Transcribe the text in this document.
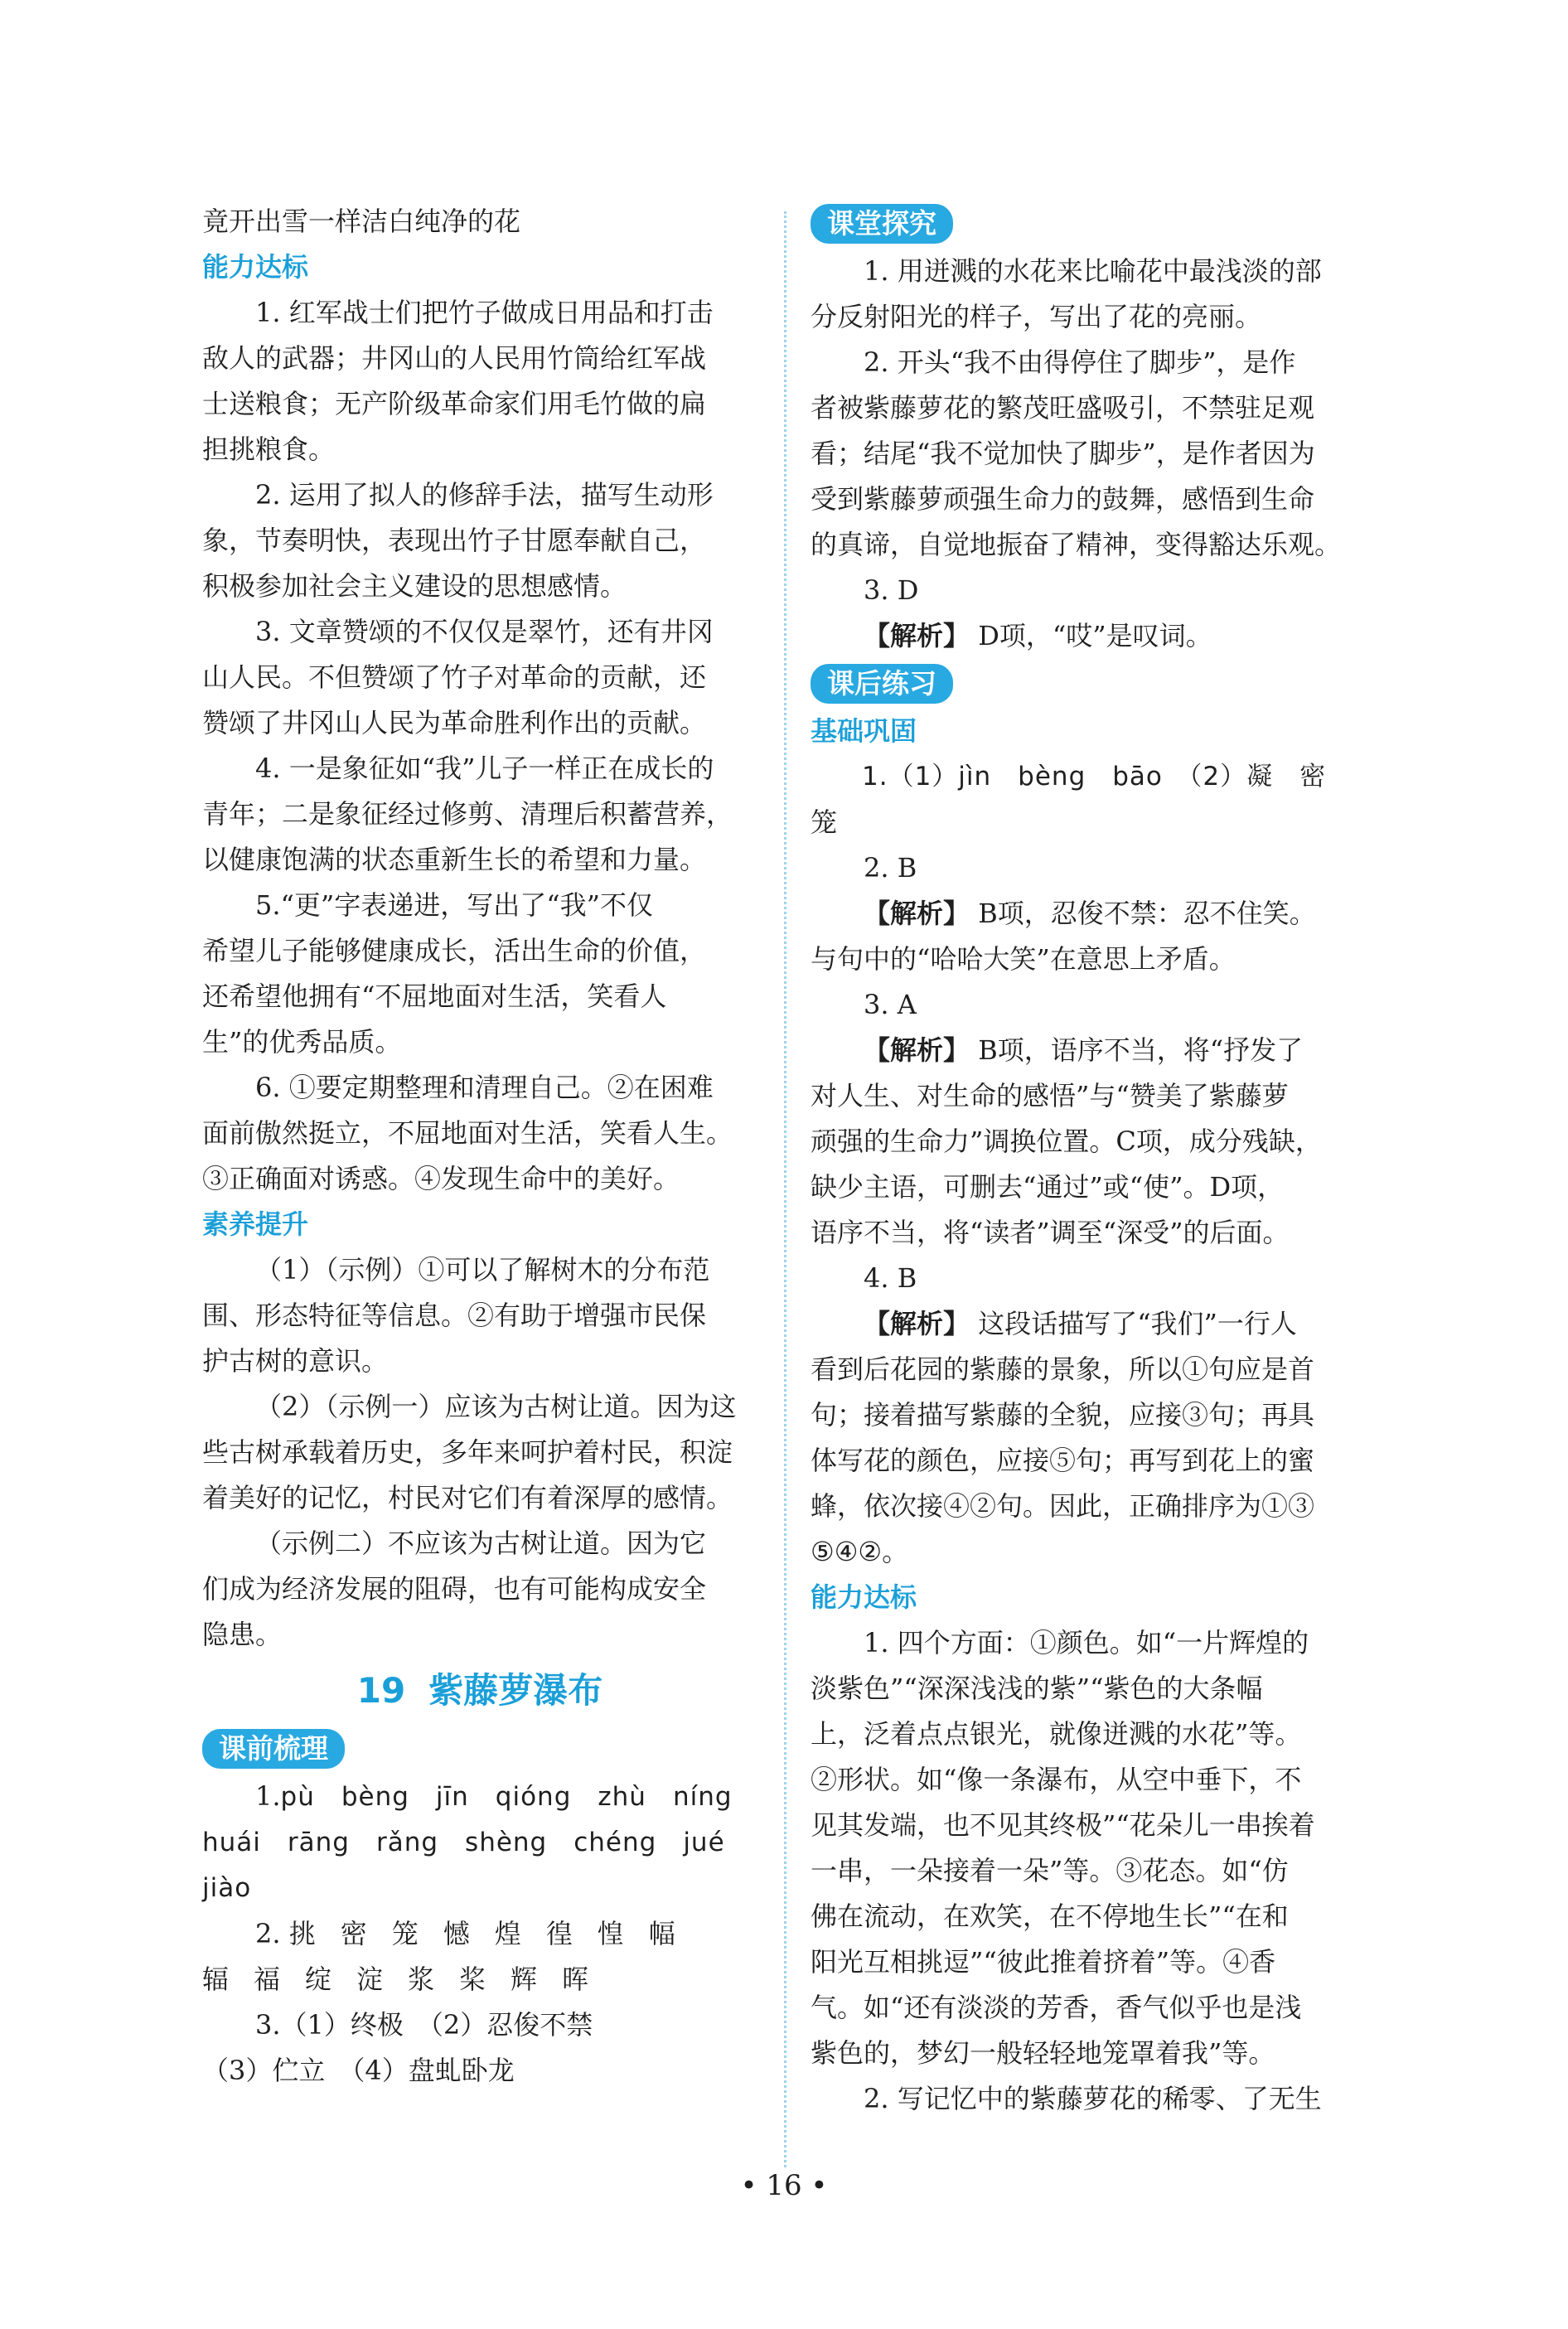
竟开出雪一样洁白纯净的花
能力达标
1. 红军战士们把竹子做成日用品和打击
敌人的武器；井冈山的人民用竹筒给红军战
士送粮食；无产阶级革命家们用毛竹做的扁
担挑粮食。
2. 运用了拟人的修辞手法，描写生动形
象，节奏明快，表现出竹子甘愿奉献自己，
积极参加社会主义建设的思想感情。
3. 文章赞颂的不仅仅是翠竹，还有井冈
山人民。不但赞颂了竹子对革命的贡献，还
赞颂了井冈山人民为革命胜利作出的贡献。
4. 一是象征如“我”儿子一样正在成长的
青年；二是象征经过修剪、清理后积蓄营养，
以健康饱满的状态重新生长的希望和力量。
5.“更”字表递进，写出了“我”不仅
希望儿子能够健康成长，活出生命的价值，
还希望他拥有“不屈地面对生活，笑看人
生”的优秀品质。
6. ①要定期整理和清理自己。②在困难
面前傲然挺立，不屈地面对生活，笑看人生。
③正确面对诱惑。④发现生命中的美好。
素养提升
（1）（示例）①可以了解树木的分布范
围、形态特征等信息。②有助于增强市民保
护古树的意识。
（2）（示例一）应该为古树让道。因为这
些古树承载着历史，多年来呵护着村民，积淀
着美好的记忆，村民对它们有着深厚的感情。
（示例二）不应该为古树让道。因为它
们成为经济发展的阻碍，也有可能构成安全
隐患。
19 紫藤萝瀑布
课前梳理
1.pù　bèng　jīn　qióng　zhù　níng
huái　rāng　rǎng　shèng　chéng　jué
jiào
2. 挑密笼憾煌徨惶幅
辐福绽淀浆桨辉晖
3.（1）终极　（2）忍俊不禁
（3）伫立　（4）盘虬卧龙
课堂探究
1. 用迸溅的水花来比喻花中最浅淡的部
分反射阳光的样子，写出了花的亮丽。
2. 开头“我不由得停住了脚步”，是作
者被紫藤萝花的繁茂旺盛吸引，不禁驻足观
看；结尾“我不觉加快了脚步”，是作者因为
受到紫藤萝顽强生命力的鼓舞，感悟到生命
的真谛，自觉地振奋了精神，变得豁达乐观。
3. D
【解析】 D项，“哎”是叹词。
课后练习
基础巩固
1.（1）jìn　bèng　bāo　（2）凝　密
笼
2. B
【解析】 B项，忍俊不禁：忍不住笑。
与句中的“哈哈大笑”在意思上矛盾。
3. A
【解析】 B项，语序不当，将“抒发了
对人生、对生命的感悟”与“赞美了紫藤萝
顽强的生命力”调换位置。C项，成分残缺，
缺少主语，可删去“通过”或“使”。D项，
语序不当，将“读者”调至“深受”的后面。
4. B
【解析】 这段话描写了“我们”一行人
看到后花园的紫藤的景象，所以①句应是首
句；接着描写紫藤的全貌，应接③句；再具
体写花的颜色，应接⑤句；再写到花上的蜜
蜂，依次接④②句。因此，正确排序为①③
⑤④②。
能力达标
1. 四个方面：①颜色。如“一片辉煌的
淡紫色”“深深浅浅的紫”“紫色的大条幅
上，泛着点点银光，就像迸溅的水花”等。
②形状。如“像一条瀑布，从空中垂下，不
见其发端，也不见其终极”“花朵儿一串挨着
一串，一朵接着一朵”等。③花态。如“仿
佛在流动，在欢笑，在不停地生长”“在和
阳光互相挑逗”“彼此推着挤着”等。④香
气。如“还有淡淡的芳香，香气似乎也是浅
紫色的，梦幻一般轻轻地笼罩着我”等。
2. 写记忆中的紫藤萝花的稀零、了无生
• 16 •
